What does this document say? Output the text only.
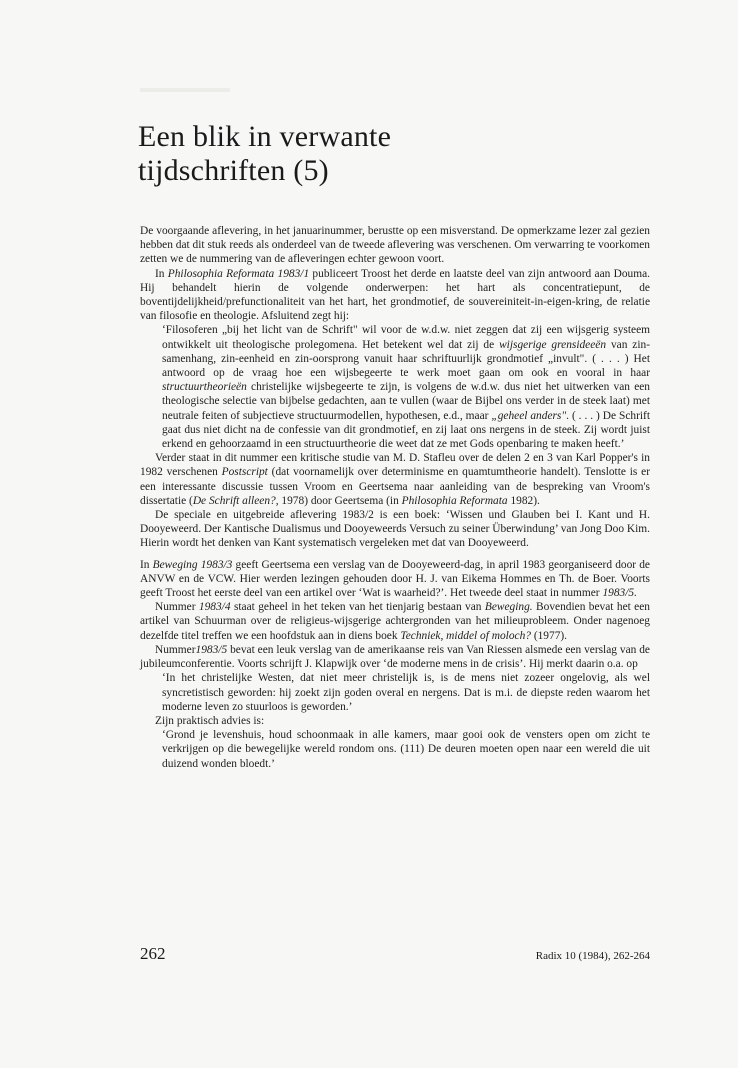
Een blik in verwante
tijdschriften (5)

De voorgaande aflevering, in het januarinummer, berustte op een misverstand. De opmerkzame lezer zal gezien hebben dat dit stuk reeds als onderdeel van de tweede aflevering was verschenen. Om verwarring te voorkomen zetten we de nummering van de afleveringen echter gewoon voort.

In Philosophia Reformata 1983/1 publiceert Troost het derde en laatste deel van zijn antwoord aan Douma. Hij behandelt hierin de volgende onderwerpen: het hart als concentratiepunt, de boventijdelijkheid/prefunctionaliteit van het hart, het grondmotief, de souvereiniteit-in-eigen-kring, de relatie van filosofie en theologie. Afsluitend zegt hij:

‘Filosoferen „bij het licht van de Schrift" wil voor de w.d.w. niet zeggen dat zij een wijsgerig systeem ontwikkelt uit theologische prolegomena. Het betekent wel dat zij de wijsgerige grensideeën van zin-samenhang, zin-eenheid en zin-oorsprong vanuit haar schriftuurlijk grondmotief „invult". ( . . . ) Het antwoord op de vraag hoe een wijsbegeerte te werk moet gaan om ook en vooral in haar structuurtheorieën christelijke wijsbegeerte te zijn, is volgens de w.d.w. dus niet het uitwerken van een theologische selectie van bijbelse gedachten, aan te vullen (waar de Bijbel ons verder in de steek laat) met neutrale feiten of subjectieve structuurmodellen, hypothesen, e.d., maar „geheel anders". ( . . . ) De Schrift gaat dus niet dicht na de confessie van dit grondmotief, en zij laat ons nergens in de steek. Zij wordt juist erkend en gehoorzaamd in een structuurtheorie die weet dat ze met Gods openbaring te maken heeft.’

Verder staat in dit nummer een kritische studie van M. D. Stafleu over de delen 2 en 3 van Karl Popper's in 1982 verschenen Postscript (dat voornamelijk over determinisme en quamtumtheorie handelt). Tenslotte is er een interessante discussie tussen Vroom en Geertsema naar aanleiding van de bespreking van Vroom's dissertatie (De Schrift alleen?, 1978) door Geertsema (in Philosophia Reformata 1982).

De speciale en uitgebreide aflevering 1983/2 is een boek: ‘Wissen und Glauben bei I. Kant und H. Dooyeweerd. Der Kantische Dualismus und Dooyeweerds Versuch zu seiner Überwindung’ van Jong Doo Kim. Hierin wordt het denken van Kant systematisch vergeleken met dat van Dooyeweerd.

In Beweging 1983/3 geeft Geertsema een verslag van de Dooyeweerd-dag, in april 1983 georganiseerd door de ANVW en de VCW. Hier werden lezingen gehouden door H. J. van Eikema Hommes en Th. de Boer. Voorts geeft Troost het eerste deel van een artikel over ‘Wat is waarheid?’. Het tweede deel staat in nummer 1983/5.

Nummer 1983/4 staat geheel in het teken van het tienjarig bestaan van Beweging. Bovendien bevat het een artikel van Schuurman over de religieus-wijsgerige achtergronden van het milieuprobleem. Onder nagenoeg dezelfde titel treffen we een hoofdstuk aan in diens boek Techniek, middel of moloch? (1977).

Nummer1983/5 bevat een leuk verslag van de amerikaanse reis van Van Riessen alsmede een verslag van de jubileumconferentie. Voorts schrijft J. Klapwijk over ‘de moderne mens in de crisis’. Hij merkt daarin o.a. op

‘In het christelijke Westen, dat niet meer christelijk is, is de mens niet zozeer ongelovig, als wel syncretistisch geworden: hij zoekt zijn goden overal en nergens. Dat is m.i. de diepste reden waarom het moderne leven zo stuurloos is geworden.’

Zijn praktisch advies is:

‘Grond je levenshuis, houd schoonmaak in alle kamers, maar gooi ook de vensters open om zicht te verkrijgen op die bewegelijke wereld rondom ons. (111) De deuren moeten open naar een wereld die uit duizend wonden bloedt.’

262	Radix 10 (1984), 262-264
